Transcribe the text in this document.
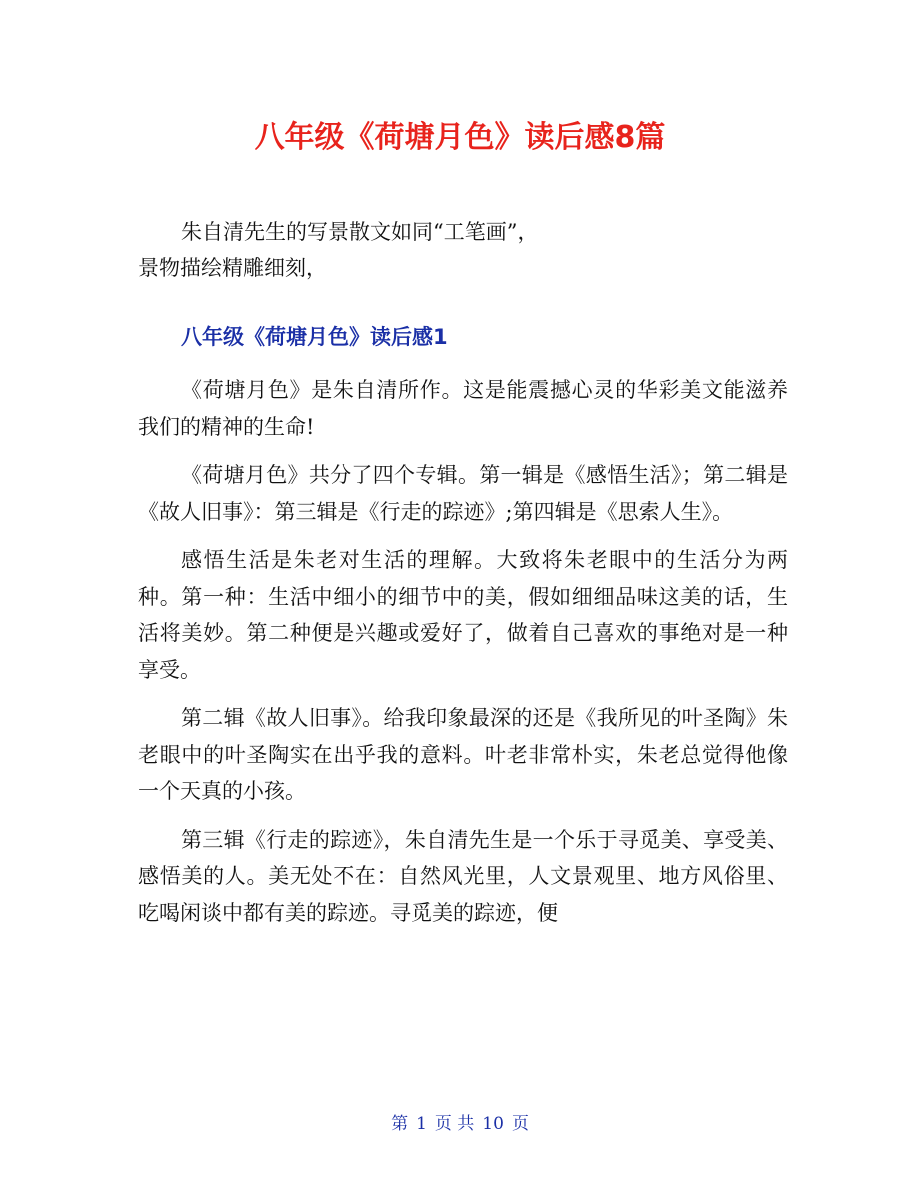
八年级《荷塘月色》读后感8篇

朱自清先生的写景散文如同“工笔画”，

景物描绘精雕细刻，

八年级《荷塘月色》读后感1

《荷塘月色》是朱自清所作。这是能震撼心灵的华彩美文能滋养我们的精神的生命!

《荷塘月色》共分了四个专辑。第一辑是《感悟生活》；第二辑是《故人旧事》：第三辑是《行走的踪迹》;第四辑是《思索人生》。

感悟生活是朱老对生活的理解。大致将朱老眼中的生活分为两种。第一种：生活中细小的细节中的美，假如细细品味这美的话，生活将美妙。第二种便是兴趣或爱好了，做着自己喜欢的事绝对是一种享受。

第二辑《故人旧事》。给我印象最深的还是《我所见的叶圣陶》朱老眼中的叶圣陶实在出乎我的意料。叶老非常朴实，朱老总觉得他像一个天真的小孩。

第三辑《行走的踪迹》，朱自清先生是一个乐于寻觅美、享受美、感悟美的人。美无处不在：自然风光里，人文景观里、地方风俗里、吃喝闲谈中都有美的踪迹。寻觅美的踪迹，便

第 1 页 共 10 页
